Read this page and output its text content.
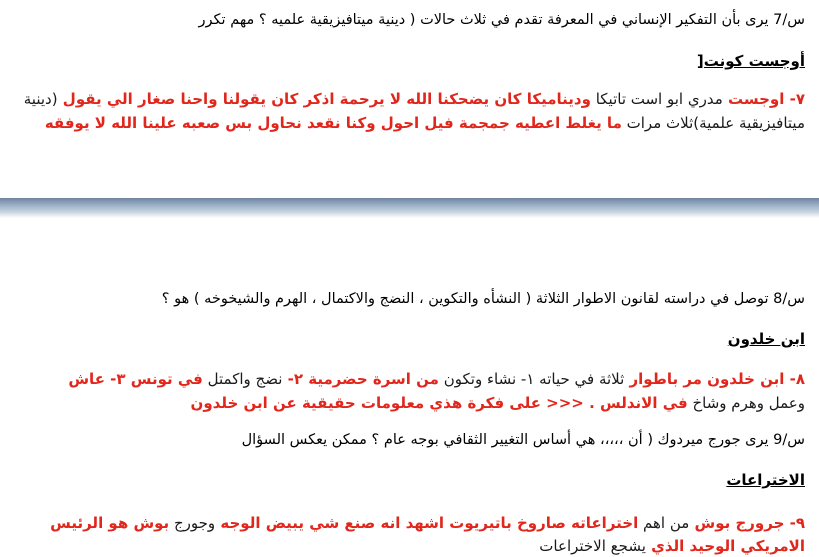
س/7 يرى بأن التفكير الإنساني في المعرفة تقدم في ثلاث حالات ( دينية ميتافيزيقية علميه ؟ مهم تكرر
أوجست كونت[
٧- اوجست مدري ابو است تاتيكا وديناميكا كان يضحكنا الله لا يرحمة اذكر كان يقولنا واحنا صغار الي يقول (دينية
ميتافيزيقية علمية)ثلاث مرات ما يغلط اعطيه جمجمة فيل احول وكنا نقعد نحاول بس صعبه علينا الله لا يوفقه
س/8 توصل في دراسته لقانون الاطوار الثلاثة ( النشأه والتكوين ، النضج والاكتمال ، الهرم والشيخوخه ) هو ؟
ابن خلدون
٨- ابن خلدون مر باطوار ثلاثة في حياته ١- نشاء وتكون من اسرة حضرمية ٢- نضج واكمتل في تونس ٣- عاش
وعمل وهرم وشاخ في الاندلس . <<< على فكرة هذي معلومات حقيقية عن ابن خلدون
س/9 يرى جورج ميردوك ( أن ،،،،، هي أساس التغيير الثقافي بوجه عام ؟ ممكن يعكس السؤال
الاختراعات
٩- جرورج بوش من اهم اختراعاته صاروخ باتيريوت اشهد انه صنع شي يبيض الوجه وجورج بوش هو الرئيس
الامريكي الوحيد الذي يشجع الاختراعات
